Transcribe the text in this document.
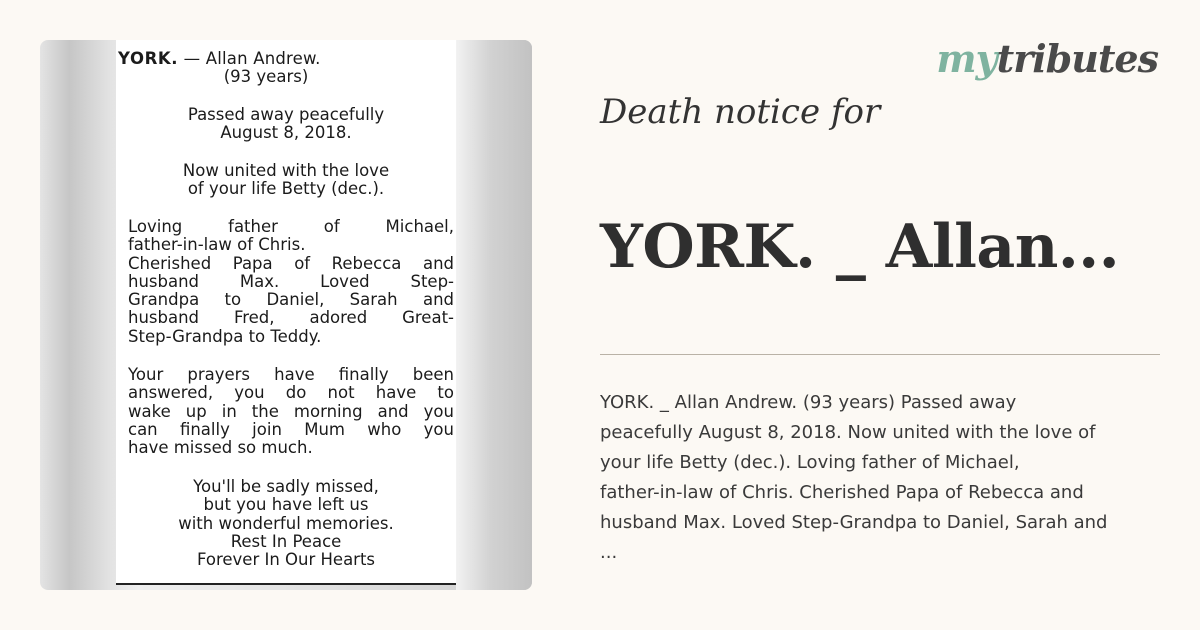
YORK. — Allan Andrew.
(93 years)
Passed away peacefully
August 8, 2018.
Now united with the love
of your life Betty (dec.).
Loving father of Michael,
father-in-law of Chris.
Cherished Papa of Rebecca and
husband Max. Loved Step-
Grandpa to Daniel, Sarah and
husband Fred, adored Great-
Step-Grandpa to Teddy.
Your prayers have finally been
answered, you do not have to
wake up in the morning and you
can finally join Mum who you
have missed so much.
You'll be sadly missed,
but you have left us
with wonderful memories.
Rest In Peace
Forever In Our Hearts
mytributes
Death notice for
YORK. _ Allan...
YORK. _ Allan Andrew. (93 years) Passed away
peacefully August 8, 2018. Now united with the love of
your life Betty (dec.). Loving father of Michael,
father-in-law of Chris. Cherished Papa of Rebecca and
husband Max. Loved Step-Grandpa to Daniel, Sarah and
...
